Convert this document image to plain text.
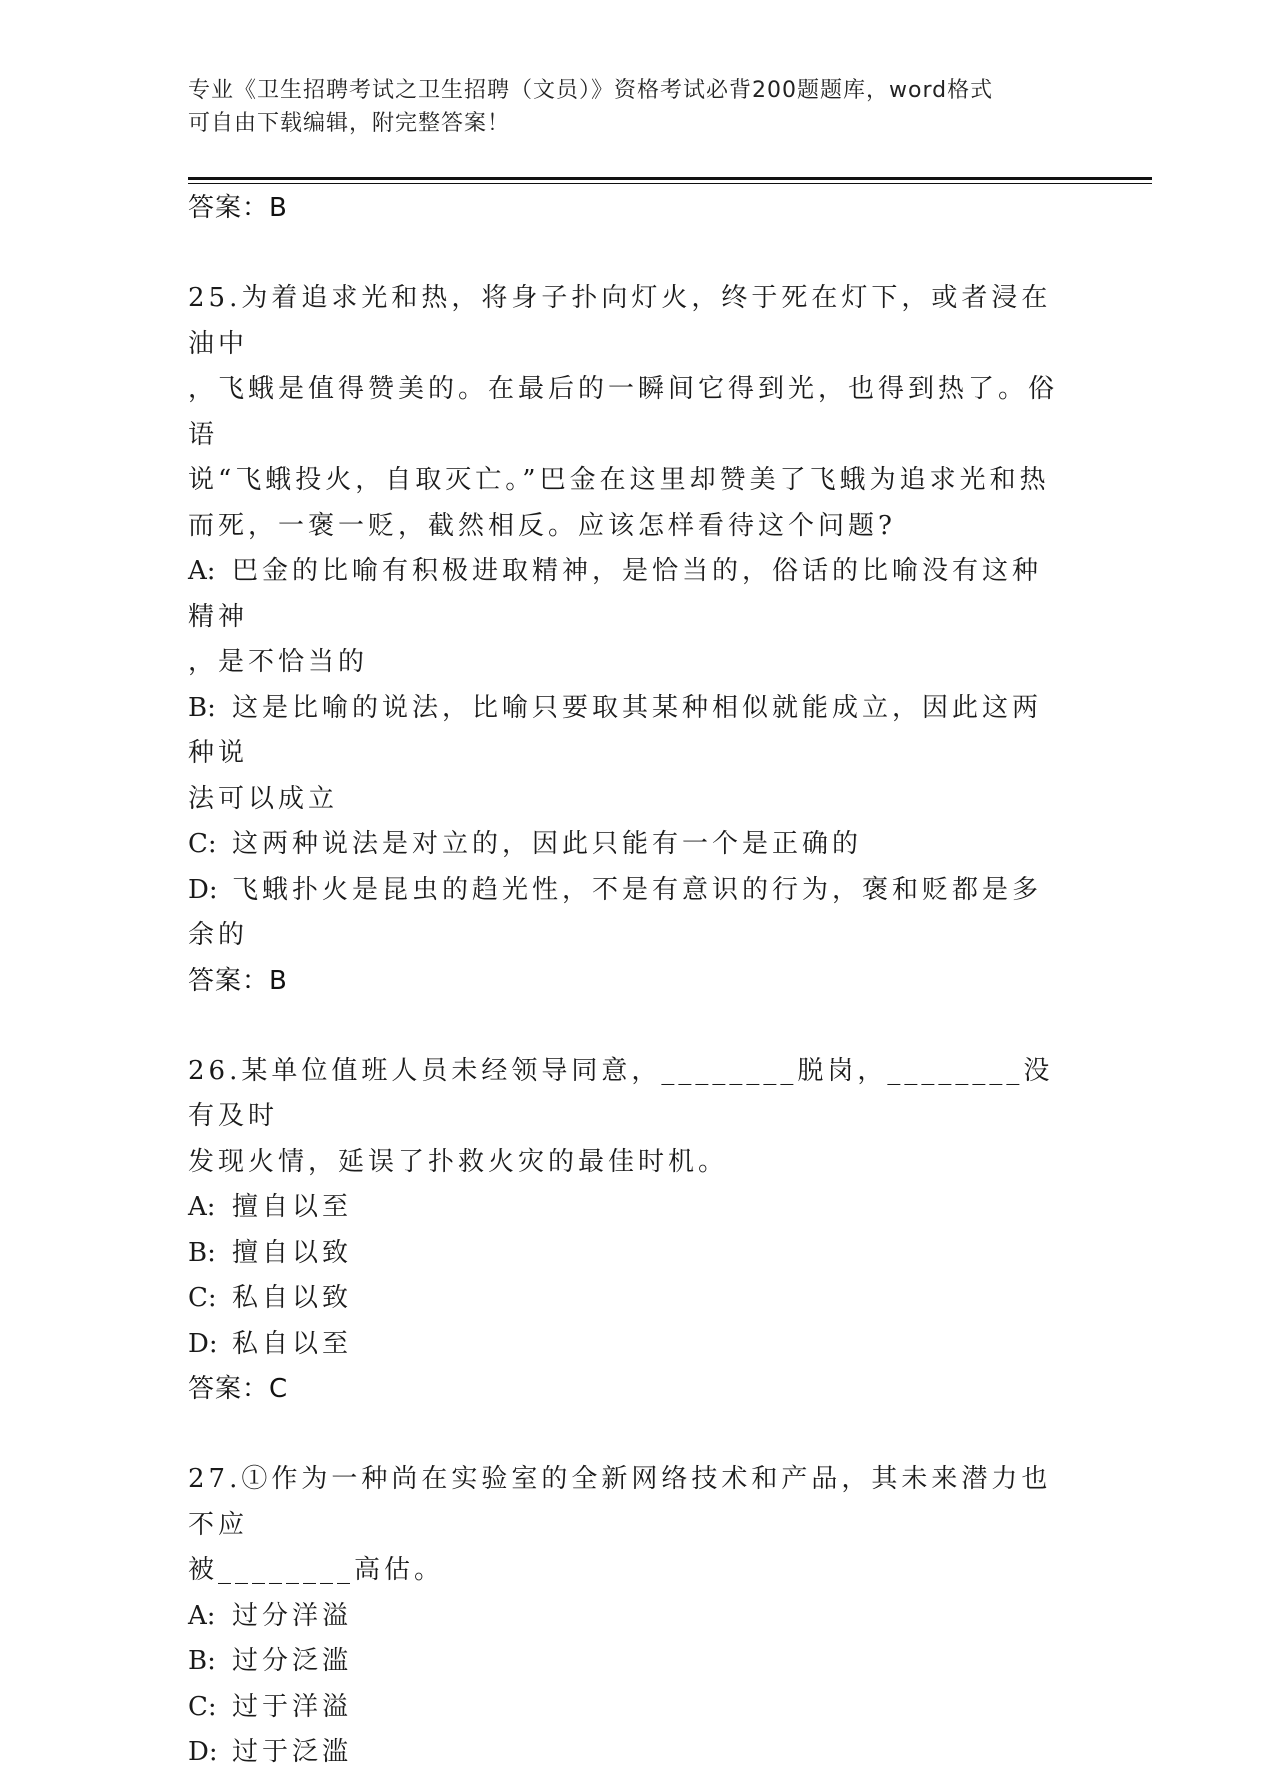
专业《卫生招聘考试之卫生招聘（文员）》资格考试必背200题题库，word格式
可自由下载编辑，附完整答案！
答案：B

25.为着追求光和热，将身子扑向灯火，终于死在灯下，或者浸在油中

，飞蛾是值得赞美的。在最后的一瞬间它得到光，也得到热了。俗语

说“飞蛾投火，自取灭亡。”巴金在这里却赞美了飞蛾为追求光和热

而死，一褒一贬，截然相反。应该怎样看待这个问题?

A: 巴金的比喻有积极进取精神，是恰当的，俗话的比喻没有这种精神

，是不恰当的

B: 这是比喻的说法，比喻只要取其某种相似就能成立，因此这两种说

法可以成立

C: 这两种说法是对立的，因此只能有一个是正确的

D: 飞蛾扑火是昆虫的趋光性，不是有意识的行为，褒和贬都是多余的

答案：B

26.某单位值班人员未经领导同意，________脱岗，________没有及时

发现火情，延误了扑救火灾的最佳时机。

A: 擅自以至

B: 擅自以致

C: 私自以致

D: 私自以至

答案：C

27.①作为一种尚在实验室的全新网络技术和产品，其未来潜力也不应

被________高估。

A: 过分洋溢

B: 过分泛滥

C: 过于洋溢

D: 过于泛滥
